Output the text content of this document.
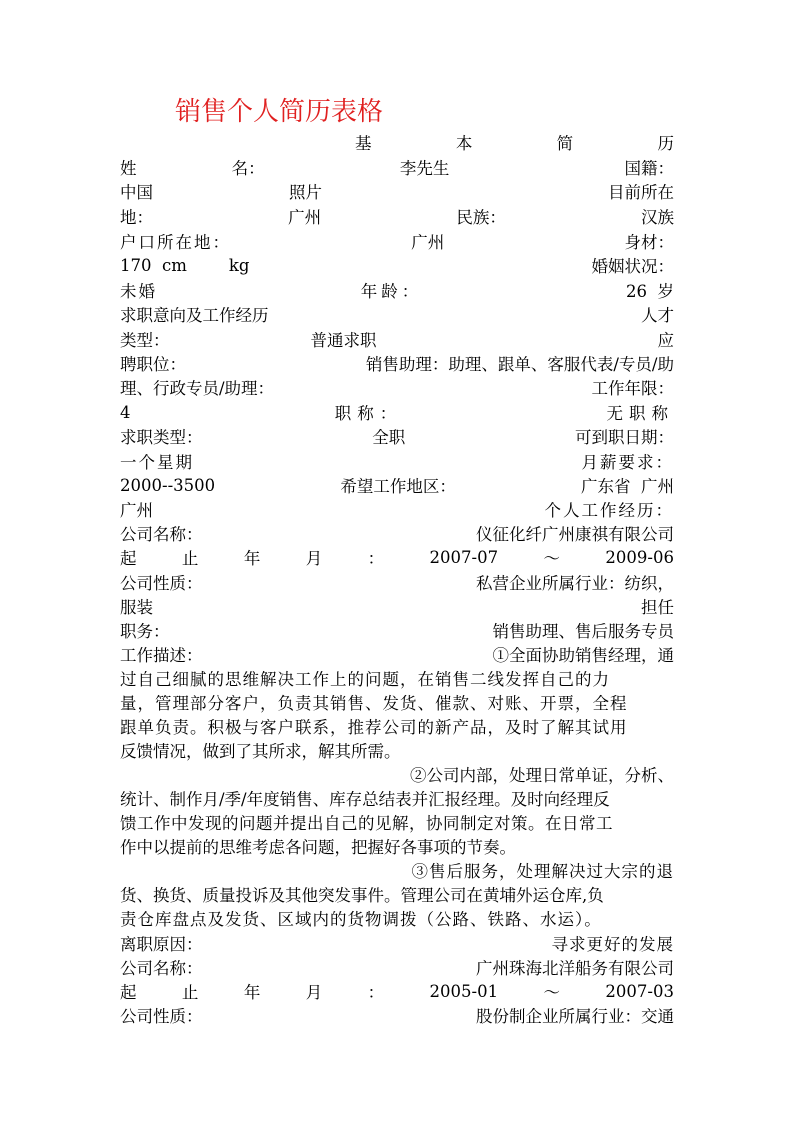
销售个人简历表格
基	本	简	历
姓	名：	李先生	国籍：
中国	照片	目前所在
地：	广州	民族：	汉族
户口所在地：	广州	身材：
170  cm	kg	婚姻状况：
未婚	年龄：	26  岁
求职意向及工作经历	人才
类型：	普通求职	应
聘职位：	销售助理：助理、跟单、客服代表/专员/助
理、行政专员/助理：	工作年限：
4	职称：	无职称
求职类型：	全职	可到职日期：
一个星期	月薪要求：
2000--3500	希望工作地区：	广东省  广州
广州	个人工作经历：
公司名称：	仪征化纤广州康祺有限公司
起	止	年	月	：	2007-07	～	2009-06
公司性质：	私营企业所属行业：纺织，
服装	担任
职务：	销售助理、售后服务专员
工作描述：	①全面协助销售经理，通
过自己细腻的思维解决工作上的问题，在销售二线发挥自己的力
量，管理部分客户，负责其销售、发货、催款、对账、开票，全程
跟单负责。积极与客户联系，推荐公司的新产品，及时了解其试用
反馈情况，做到了其所求，解其所需。
②公司内部，处理日常单证，分析、
统计、制作月/季/年度销售、库存总结表并汇报经理。及时向经理反
馈工作中发现的问题并提出自己的见解，协同制定对策。在日常工
作中以提前的思维考虑各问题，把握好各事项的节奏。
③售后服务，处理解决过大宗的退
货、换货、质量投诉及其他突发事件。管理公司在黄埔外运仓库,负
责仓库盘点及发货、区域内的货物调拨（公路、铁路、水运）。
离职原因：	寻求更好的发展
公司名称：	广州珠海北洋船务有限公司
起	止	年	月	：	2005-01	～	2007-03
公司性质：	股份制企业所属行业：交通
